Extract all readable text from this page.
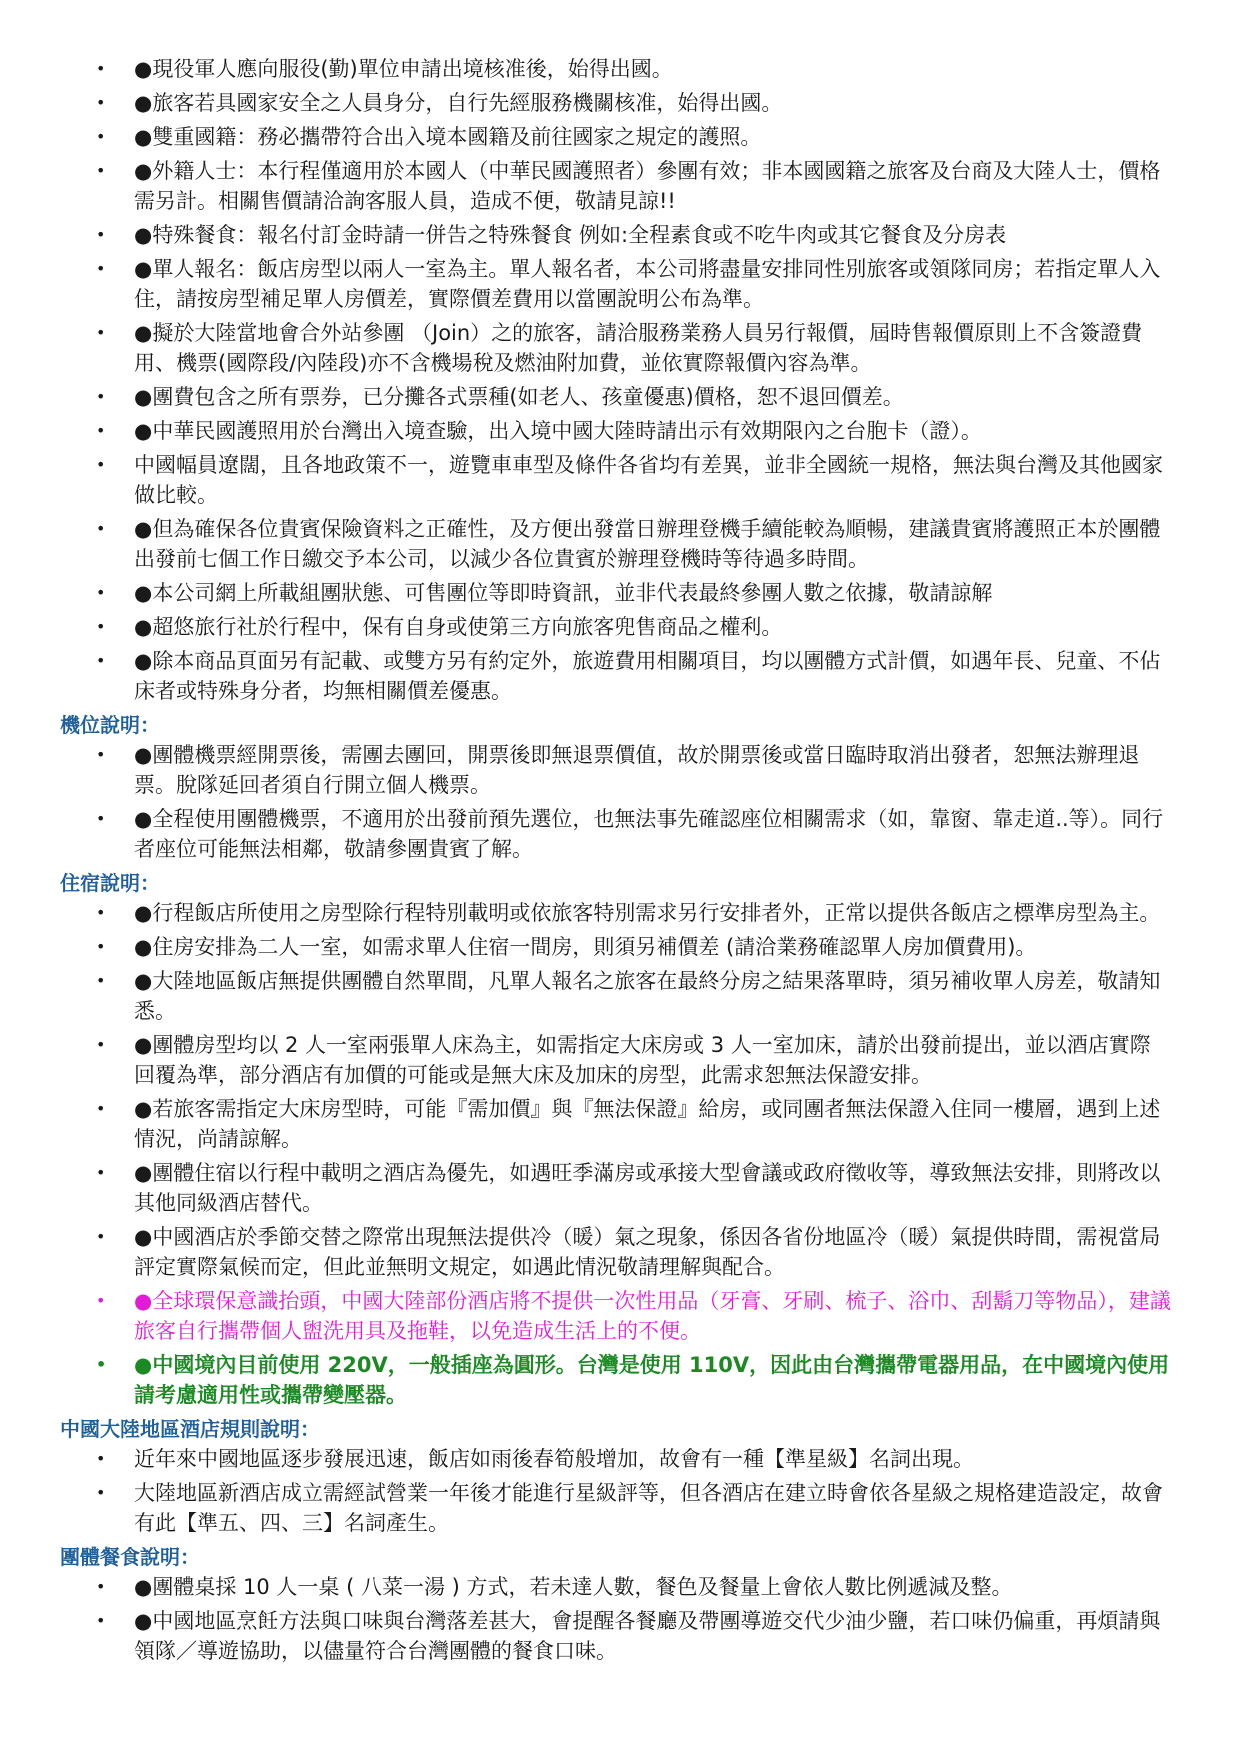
• ●現役軍人應向服役(勤)單位申請出境核准後，始得出國。
• ●旅客若具國家安全之人員身分，自行先經服務機關核准，始得出國。
• ●雙重國籍：務必攜帶符合出入境本國籍及前往國家之規定的護照。
• ●外籍人士：本行程僅適用於本國人（中華民國護照者）參團有效；非本國國籍之旅客及台商及大陸人士，價格需另計。相關售價請洽詢客服人員，造成不便，敬請見諒!!
• ●特殊餐食：報名付訂金時請一併告之特殊餐食 例如:全程素食或不吃牛肉或其它餐食及分房表
• ●單人報名：飯店房型以兩人一室為主。單人報名者，本公司將盡量安排同性別旅客或領隊同房；若指定單人入住，請按房型補足單人房價差，實際價差費用以當團說明公布為準。
• ●擬於大陸當地會合外站參團 （Join）之的旅客，請洽服務業務人員另行報價，屆時售報價原則上不含簽證費用、機票(國際段/內陸段)亦不含機場稅及燃油附加費，並依實際報價內容為準。
• ●團費包含之所有票券，已分攤各式票種(如老人、孩童優惠)價格，恕不退回價差。
• ●中華民國護照用於台灣出入境查驗，出入境中國大陸時請出示有效期限內之台胞卡（證）。
• 中國幅員遼闊，且各地政策不一，遊覽車車型及條件各省均有差異，並非全國統一規格，無法與台灣及其他國家做比較。
• ●但為確保各位貴賓保險資料之正確性，及方便出發當日辦理登機手續能較為順暢，建議貴賓將護照正本於團體出發前七個工作日繳交予本公司，以減少各位貴賓於辦理登機時等待過多時間。
• ●本公司網上所載組團狀態、可售團位等即時資訊，並非代表最終參團人數之依據，敬請諒解
• ●超悠旅行社於行程中，保有自身或使第三方向旅客兜售商品之權利。
• ●除本商品頁面另有記載、或雙方另有約定外，旅遊費用相關項目，均以團體方式計價，如遇年長、兒童、不佔床者或特殊身分者，均無相關價差優惠。
機位說明：
• ●團體機票經開票後，需團去團回，開票後即無退票價值，故於開票後或當日臨時取消出發者，恕無法辦理退票。脫隊延回者須自行開立個人機票。
• ●全程使用團體機票，不適用於出發前預先選位，也無法事先確認座位相關需求（如，靠窗、靠走道..等）。同行者座位可能無法相鄰，敬請參團貴賓了解。
住宿說明：
• ●行程飯店所使用之房型除行程特別載明或依旅客特別需求另行安排者外，正常以提供各飯店之標準房型為主。
• ●住房安排為二人一室，如需求單人住宿一間房，則須另補價差 (請洽業務確認單人房加價費用)。
• ●大陸地區飯店無提供團體自然單間，凡單人報名之旅客在最終分房之結果落單時，須另補收單人房差，敬請知悉。
• ●團體房型均以 2 人一室兩張單人床為主，如需指定大床房或 3 人一室加床，請於出發前提出，並以酒店實際回覆為準，部分酒店有加價的可能或是無大床及加床的房型，此需求恕無法保證安排。
• ●若旅客需指定大床房型時，可能『需加價』與『無法保證』給房，或同團者無法保證入住同一樓層，遇到上述情況，尚請諒解。
• ●團體住宿以行程中載明之酒店為優先，如遇旺季滿房或承接大型會議或政府徵收等，導致無法安排，則將改以其他同級酒店替代。
• ●中國酒店於季節交替之際常出現無法提供冷（暖）氣之現象，係因各省份地區冷（暖）氣提供時間，需視當局評定實際氣候而定，但此並無明文規定，如遇此情況敬請理解與配合。
• ●全球環保意識抬頭，中國大陸部份酒店將不提供一次性用品（牙膏、牙刷、梳子、浴巾、刮鬍刀等物品），建議旅客自行攜帶個人盥洗用具及拖鞋，以免造成生活上的不便。
• ●中國境內目前使用 220V，一般插座為圓形。台灣是使用 110V，因此由台灣攜帶電器用品，在中國境內使用請考慮適用性或攜帶變壓器。
中國大陸地區酒店規則說明：
• 近年來中國地區逐步發展迅速，飯店如雨後春筍般增加，故會有一種【準星級】名詞出現。
• 大陸地區新酒店成立需經試營業一年後才能進行星級評等，但各酒店在建立時會依各星級之規格建造設定，故會有此【準五、四、三】名詞產生。
團體餐食說明：
• ●團體桌採 10 人一桌 ( 八菜一湯 ) 方式，若未達人數，餐色及餐量上會依人數比例遞減及整。
• ●中國地區烹飪方法與口味與台灣落差甚大，會提醒各餐廳及帶團導遊交代少油少鹽，若口味仍偏重，再煩請與領隊／導遊協助，以儘量符合台灣團體的餐食口味。
